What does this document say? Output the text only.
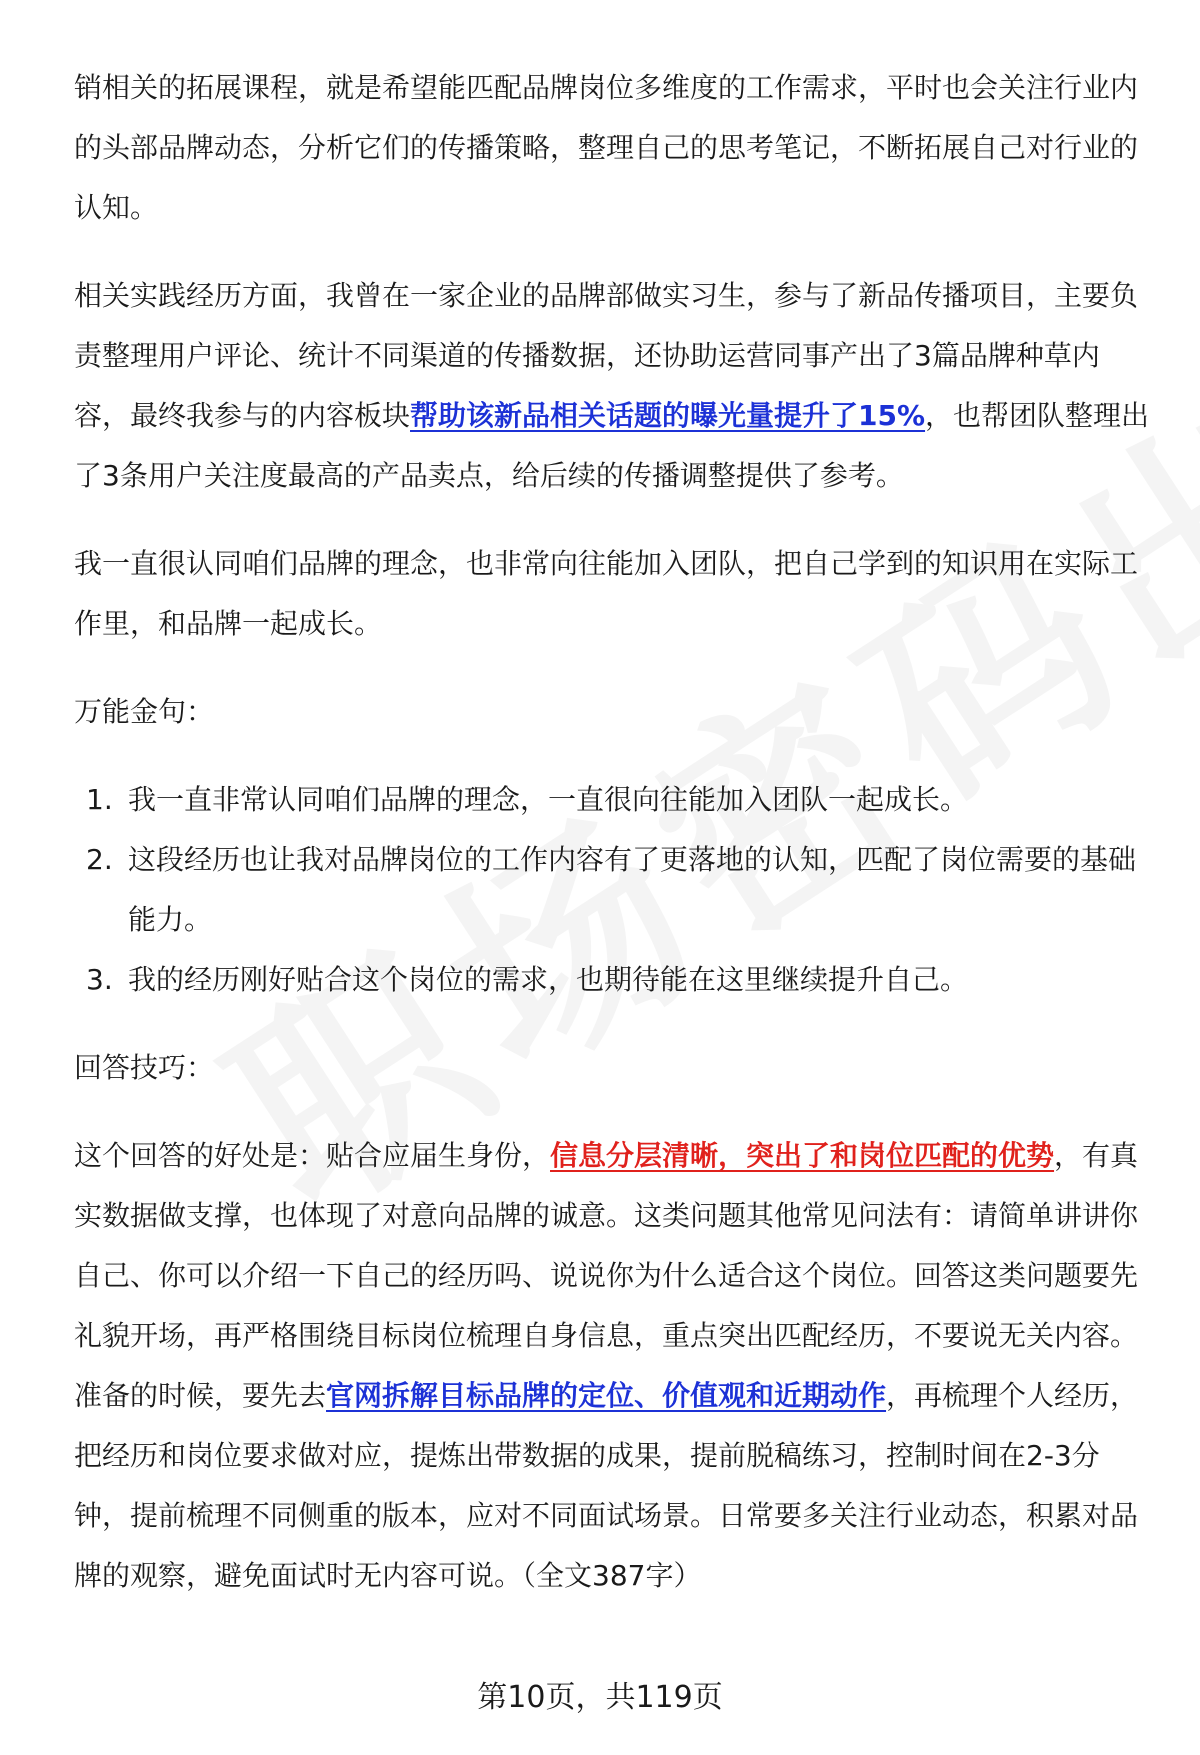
销相关的拓展课程，就是希望能匹配品牌岗位多维度的工作需求，平时也会关注行业内的头部品牌动态，分析它们的传播策略，整理自己的思考笔记，不断拓展自己对行业的认知。

相关实践经历方面，我曾在一家企业的品牌部做实习生，参与了新品传播项目，主要负责整理用户评论、统计不同渠道的传播数据，还协助运营同事产出了3篇品牌种草内容，最终我参与的内容板块帮助该新品相关话题的曝光量提升了15%，也帮团队整理出了3条用户关注度最高的产品卖点，给后续的传播调整提供了参考。

我一直很认同咱们品牌的理念，也非常向往能加入团队，把自己学到的知识用在实际工作里，和品牌一起成长。

万能金句：

1. 我一直非常认同咱们品牌的理念，一直很向往能加入团队一起成长。
2. 这段经历也让我对品牌岗位的工作内容有了更落地的认知，匹配了岗位需要的基础能力。
3. 我的经历刚好贴合这个岗位的需求，也期待能在这里继续提升自己。

回答技巧：

这个回答的好处是：贴合应届生身份，信息分层清晰，突出了和岗位匹配的优势，有真实数据做支撑，也体现了对意向品牌的诚意。这类问题其他常见问法有：请简单讲讲你自己、你可以介绍一下自己的经历吗、说说你为什么适合这个岗位。回答这类问题要先礼貌开场，再严格围绕目标岗位梳理自身信息，重点突出匹配经历，不要说无关内容。准备的时候，要先去官网拆解目标品牌的定位、价值观和近期动作，再梳理个人经历，把经历和岗位要求做对应，提炼出带数据的成果，提前脱稿练习，控制时间在2-3分钟，提前梳理不同侧重的版本，应对不同面试场景。日常要多关注行业动态，积累对品牌的观察，避免面试时无内容可说。（全文387字）

第10页，共119页
